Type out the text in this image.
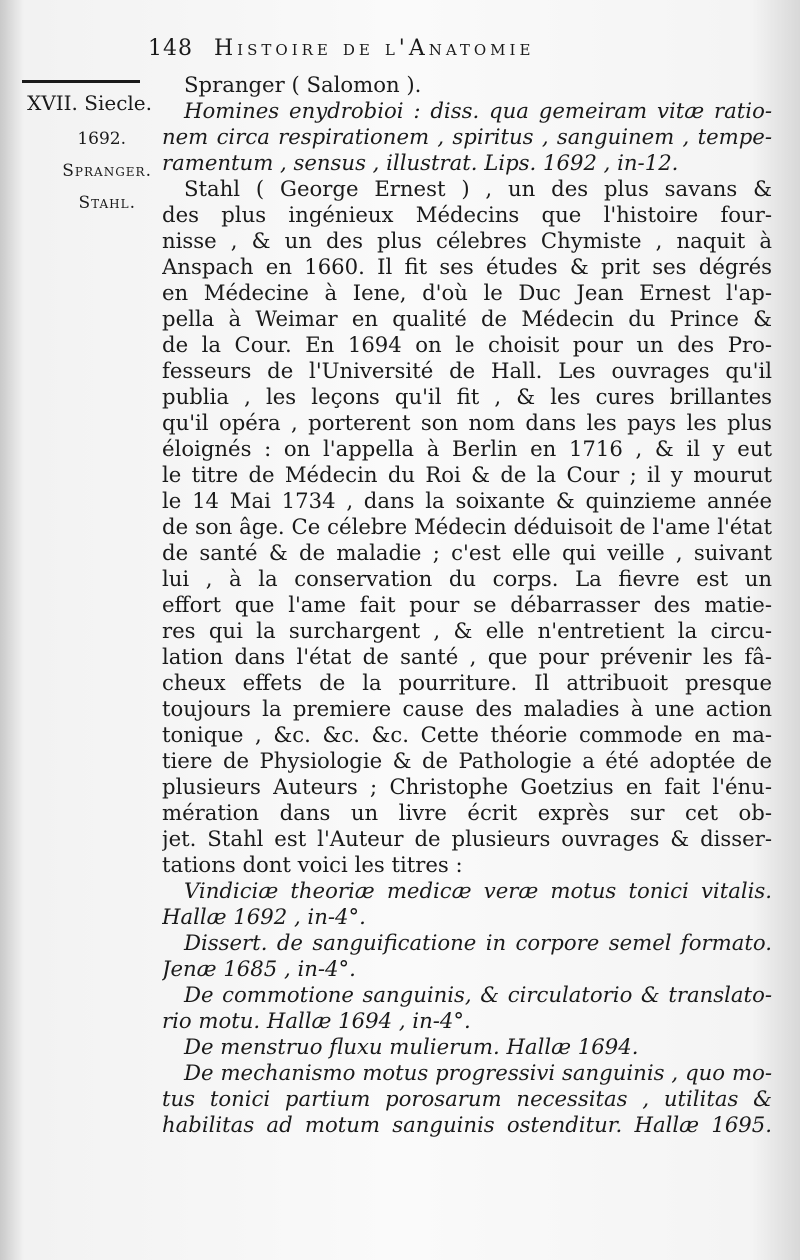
148 Histoire de l'Anatomie
XVII. Siecle.
1692.
Spranger.
Stahl.
Spranger ( Salomon ).
Homines enydrobioi : diss. qua gemeiram vitæ ratio-
nem circa respirationem , spiritus , sanguinem , tempe-
ramentum , sensus , illustrat. Lips. 1692 , in-12.
Stahl ( George Ernest ) , un des plus savans &
des plus ingénieux Médecins que l'histoire four-
nisse , & un des plus célebres Chymiste , naquit à
Anspach en 1660. Il fit ses études & prit ses dégrés
en Médecine à Iene, d'où le Duc Jean Ernest l'ap-
pella à Weimar en qualité de Médecin du Prince &
de la Cour. En 1694 on le choisit pour un des Pro-
fesseurs de l'Université de Hall. Les ouvrages qu'il
publia , les leçons qu'il fit , & les cures brillantes
qu'il opéra , porterent son nom dans les pays les plus
éloignés : on l'appella à Berlin en 1716 , & il y eut
le titre de Médecin du Roi & de la Cour ; il y mourut
le 14 Mai 1734 , dans la soixante & quinzieme année
de son âge. Ce célebre Médecin déduisoit de l'ame l'état
de santé & de maladie ; c'est elle qui veille , suivant
lui , à la conservation du corps. La fievre est un
effort que l'ame fait pour se débarrasser des matie-
res qui la surchargent , & elle n'entretient la circu-
lation dans l'état de santé , que pour prévenir les fâ-
cheux effets de la pourriture. Il attribuoit presque
toujours la premiere cause des maladies à une action
tonique , &c. &c. &c. Cette théorie commode en ma-
tiere de Physiologie & de Pathologie a été adoptée de
plusieurs Auteurs ; Christophe Goetzius en fait l'énu-
mération dans un livre écrit exprès sur cet ob-
jet. Stahl est l'Auteur de plusieurs ouvrages & disser-
tations dont voici les titres :
Vindiciæ theoriæ medicæ veræ motus tonici vitalis.
Hallæ 1692 , in-4°.
Dissert. de sanguificatione in corpore semel formato.
Jenæ 1685 , in-4°.
De commotione sanguinis, & circulatorio & translato-
rio motu. Hallæ 1694 , in-4°.
De menstruo fluxu mulierum. Hallæ 1694.
De mechanismo motus progressivi sanguinis , quo mo-
tus tonici partium porosarum necessitas , utilitas &
habilitas ad motum sanguinis ostenditur. Hallæ 1695.
